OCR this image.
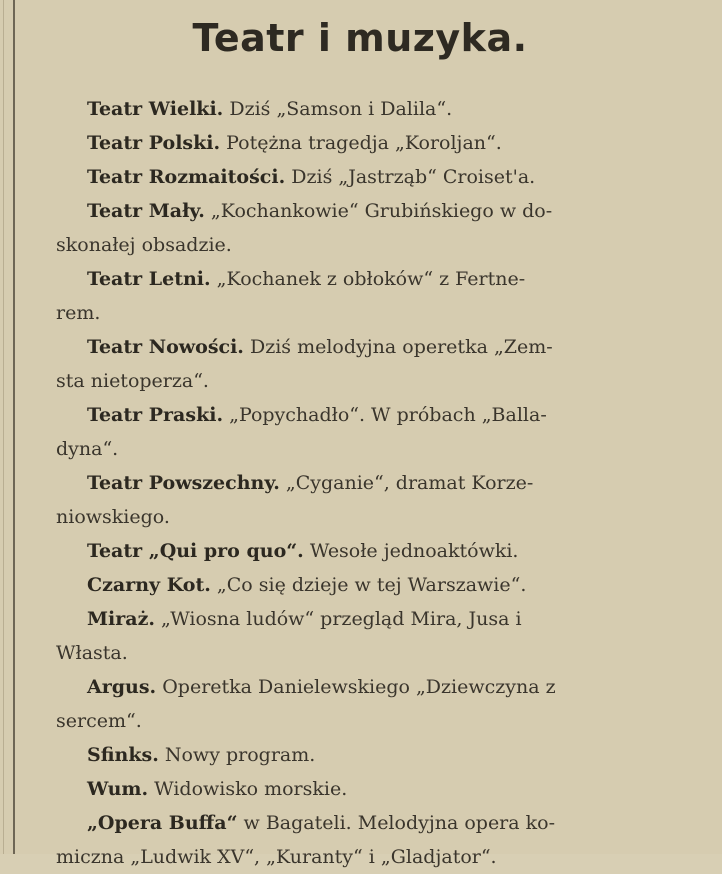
Teatr i muzyka.
Teatr Wielki. Dziś „Samson i Dalila“.
Teatr Polski. Potężna tragedja „Koroljan“.
Teatr Rozmaitości. Dziś „Jastrząb“ Croiset'a.
Teatr Mały. „Kochankowie“ Grubińskiego w do-
skonałej obsadzie.
Teatr Letni. „Kochanek z obłoków“ z Fertne-
rem.
Teatr Nowości. Dziś melodyjna operetka „Zem-
sta nietoperza“.
Teatr Praski. „Popychadło“. W próbach „Balla-
dyna“.
Teatr Powszechny. „Cyganie“, dramat Korze-
niowskiego.
Teatr „Qui pro quo“. Wesołe jednoaktówki.
Czarny Kot. „Co się dzieje w tej Warszawie“.
Miraż. „Wiosna ludów“ przegląd Mira, Jusa i
Własta.
Argus. Operetka Danielewskiego „Dziewczyna z
sercem“.
Sfinks. Nowy program.
Wum. Widowisko morskie.
„Opera Buffa“ w Bagateli. Melodyjna opera ko-
miczna „Ludwik XV“, „Kuranty“ i „Gladjator“.
